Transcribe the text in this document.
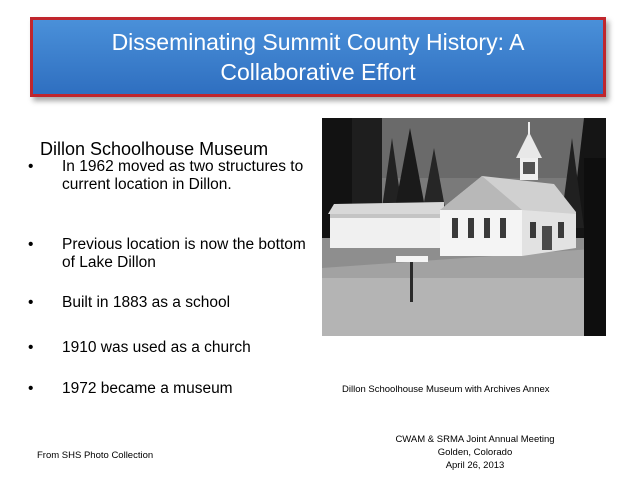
Disseminating Summit County History: A Collaborative Effort
Dillon Schoolhouse Museum
•	In 1962 moved as two structures to current location in Dillon.
•	Previous location is now the bottom of Lake Dillon
•	Built in 1883 as a school
•	1910 was used as a church
•	1972 became a museum	Dillon Schoolhouse Museum with Archives Annex
From SHS Photo Collection
CWAM & SRMA Joint Annual Meeting
Golden, Colorado
April 26, 2013
